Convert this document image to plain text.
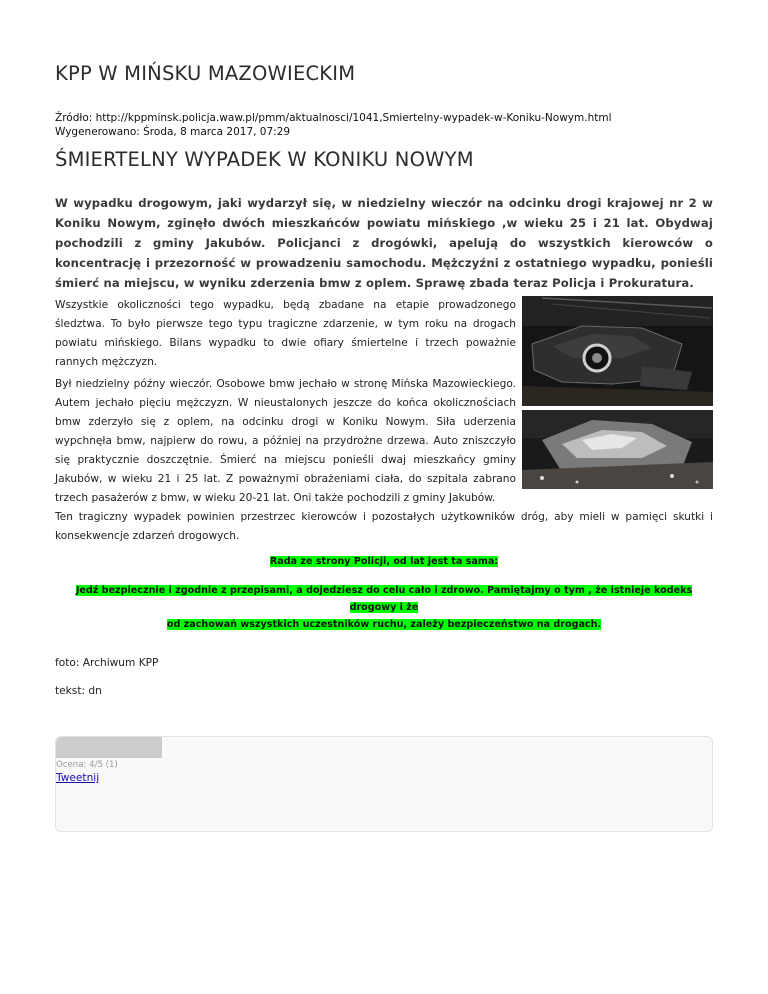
KPP W MIŃSKU MAZOWIECKIM
Źródło: http://kppminsk.policja.waw.pl/pmm/aktualnosci/1041,Smiertelny-wypadek-w-Koniku-Nowym.html
Wygenerowano: Środa, 8 marca 2017, 07:29
ŚMIERTELNY WYPADEK W KONIKU NOWYM

W wypadku drogowym, jaki wydarzył się, w niedzielny wieczór na odcinku drogi krajowej nr 2 w Koniku Nowym, zginęło dwóch mieszkańców powiatu mińskiego ,w wieku 25 i 21 lat. Obydwaj pochodzili z gminy Jakubów. Policjanci z drogówki, apelują do wszystkich kierowców o koncentrację i przezorność w prowadzeniu samochodu. Mężczyźni z ostatniego wypadku, ponieśli śmierć na miejscu, w wyniku zderzenia bmw z oplem. Sprawę zbada teraz Policja i Prokuratura.

Wszystkie okoliczności tego wypadku, będą zbadane na etapie prowadzonego śledztwa. To było pierwsze tego typu tragiczne zdarzenie, w tym roku na drogach powiatu mińskiego. Bilans wypadku to dwie ofiary śmiertelne i trzech poważnie rannych mężczyzn.

Był niedzielny późny wieczór. Osobowe bmw jechało w stronę Mińska Mazowieckiego. Autem jechało pięciu mężczyzn. W nieustalonych jeszcze do końca okolicznościach bmw zderzyło się z oplem, na odcinku drogi w Koniku Nowym. Siła uderzenia wypchnęła bmw, najpierw do rowu, a później na przydrożne drzewa. Auto zniszczyło się praktycznie doszczętnie. Śmierć na miejscu ponieśli dwaj mieszkańcy gminy Jakubów, w wieku 21 i 25 lat. Z poważnymi obrażeniami ciała, do szpitala zabrano trzech pasażerów z bmw, w wieku 20-21 lat. Oni także pochodzili z gminy Jakubów.

Ten tragiczny wypadek powinien przestrzec kierowców i pozostałych użytkowników dróg, aby mieli w pamięci skutki i konsekwencje zdarzeń drogowych.

Rada ze strony Policji, od lat jest ta sama:
Jedź bezpiecznie i zgodnie z przepisami, a dojedziesz do celu cało i zdrowo. Pamiętajmy o tym , że istnieje kodeks drogowy i że
od zachowań wszystkich uczestników ruchu, zależy bezpieczeństwo na drogach.
foto: Archiwum KPP
tekst: dn
Ocena: 4/5 (1)
Tweetnij
